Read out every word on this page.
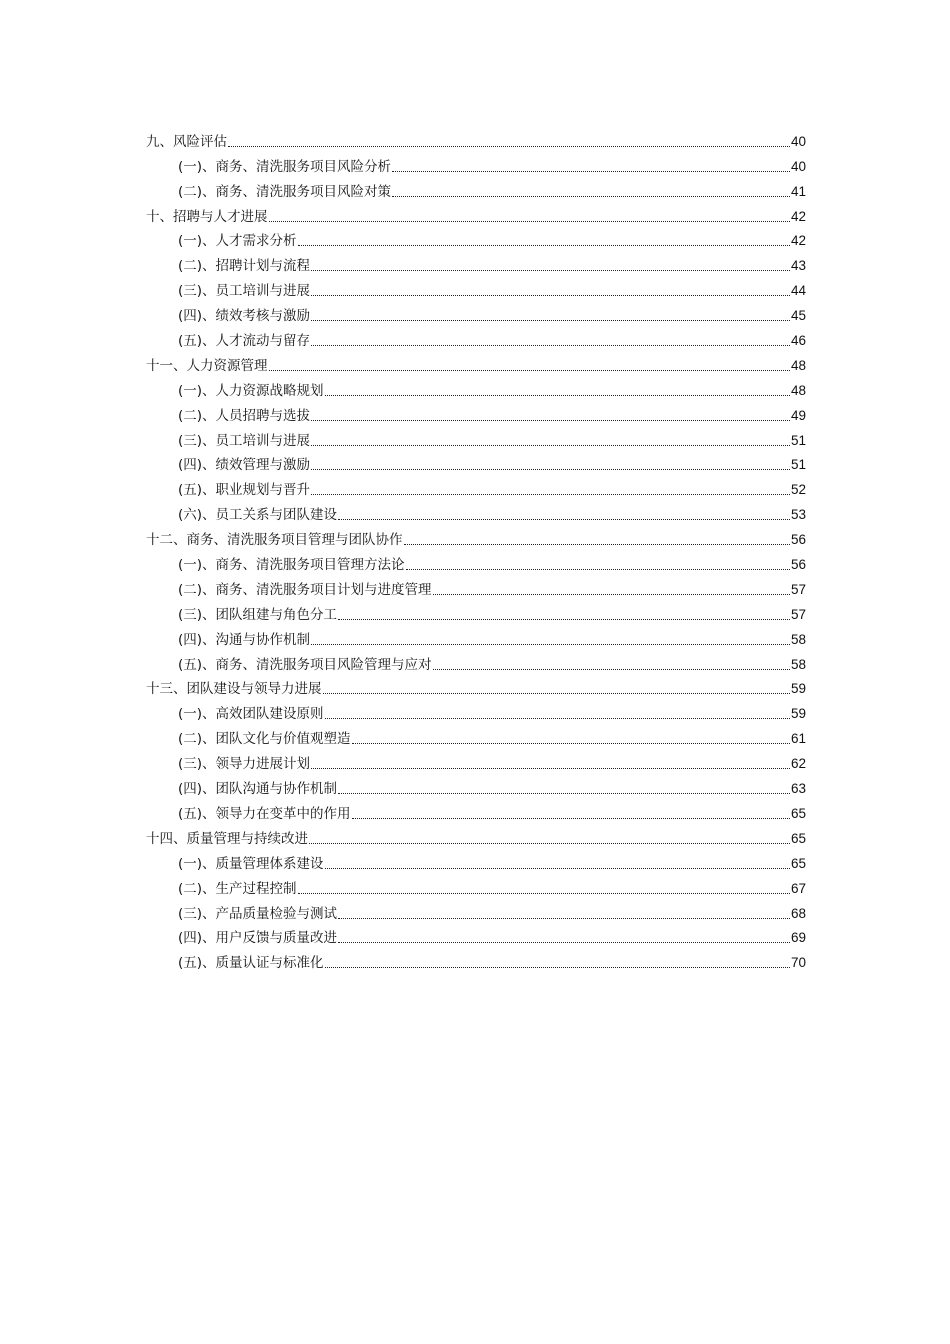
九、风险评估	40
(一)、商务、清洗服务项目风险分析	40
(二)、商务、清洗服务项目风险对策	41
十、招聘与人才进展	42
(一)、人才需求分析	42
(二)、招聘计划与流程	43
(三)、员工培训与进展	44
(四)、绩效考核与激励	45
(五)、人才流动与留存	46
十一、人力资源管理	48
(一)、人力资源战略规划	48
(二)、人员招聘与选拔	49
(三)、员工培训与进展	51
(四)、绩效管理与激励	51
(五)、职业规划与晋升	52
(六)、员工关系与团队建设	53
十二、商务、清洗服务项目管理与团队协作	56
(一)、商务、清洗服务项目管理方法论	56
(二)、商务、清洗服务项目计划与进度管理	57
(三)、团队组建与角色分工	57
(四)、沟通与协作机制	58
(五)、商务、清洗服务项目风险管理与应对	58
十三、团队建设与领导力进展	59
(一)、高效团队建设原则	59
(二)、团队文化与价值观塑造	61
(三)、领导力进展计划	62
(四)、团队沟通与协作机制	63
(五)、领导力在变革中的作用	65
十四、质量管理与持续改进	65
(一)、质量管理体系建设	65
(二)、生产过程控制	67
(三)、产品质量检验与测试	68
(四)、用户反馈与质量改进	69
(五)、质量认证与标准化	70
